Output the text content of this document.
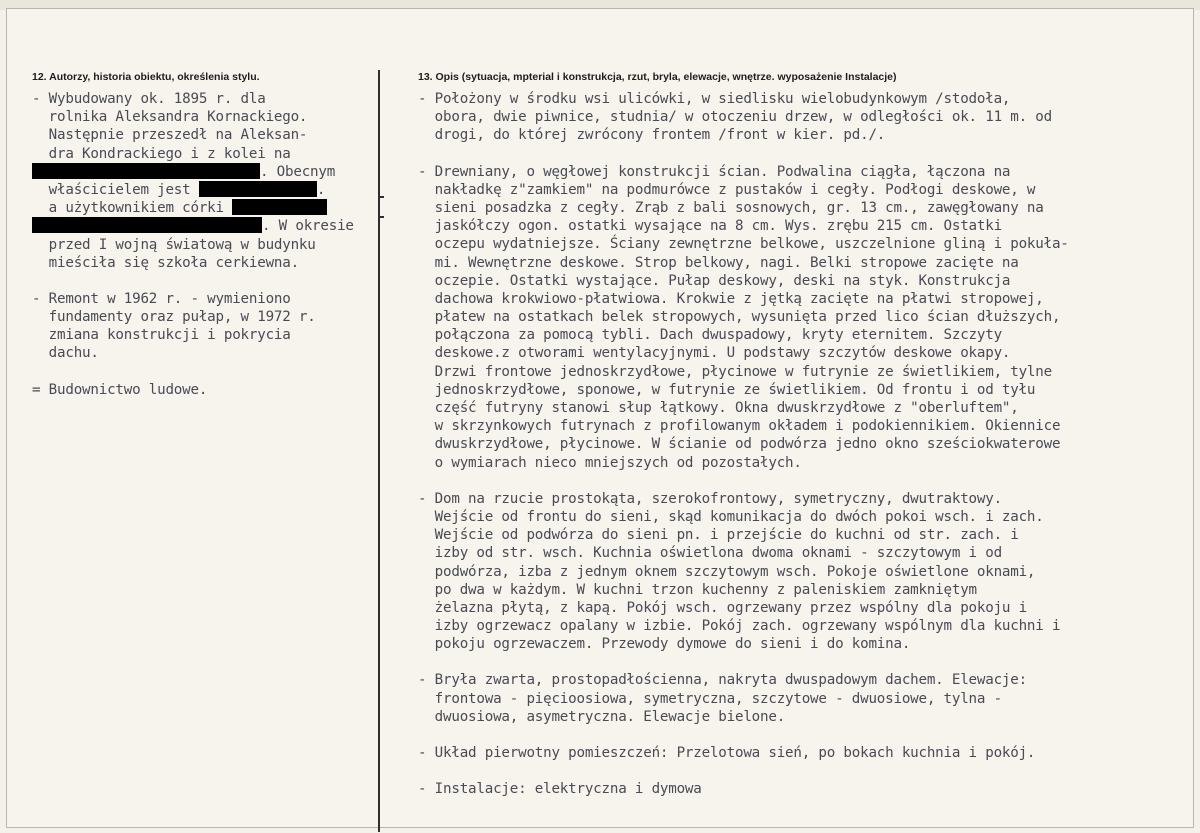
12. Autorzy, historia obiektu, określenia stylu.	13. Opis (sytuacja, mpterial i konstrukcja, rzut, bryla, elewacje, wnętrze. wyposażenie Instalacje)
- Wybudowany ok. 1895 r. dla
rolnika Aleksandra Kornackiego.
Następnie przeszedł na Aleksan-
dra Kondrackiego i z kolei na
. Obecnym
właścicielem jest	.
a użytkownikiem córki
. W okresie
przed I wojną światową w budynku
mieściła się szkoła cerkiewna.
- Remont w 1962 r. - wymieniono
fundamenty oraz pułap, w 1972 r.
zmiana konstrukcji i pokrycia
dachu.
= Budownictwo ludowe.
- Położony w środku wsi ulicówki, w siedlisku wielobudynkowym /stodoła,
obora, dwie piwnice, studnia/ w otoczeniu drzew, w odległości ok. 11 m. od
drogi, do której zwrócony frontem /front w kier. pd./.
- Drewniany, o węgłowej konstrukcji ścian. Podwalina ciągła, łączona na
nakładkę z"zamkiem" na podmurówce z pustaków i cegły. Podłogi deskowe, w
sieni posadzka z cegły. Zrąb z bali sosnowych, gr. 13 cm., zawęgłowany na
jaskółczy ogon. ostatki wysające na 8 cm. Wys. zrębu 215 cm. Ostatki
oczepu wydatniejsze. Ściany zewnętrzne belkowe, uszczelnione gliną i pokuła-
mi. Wewnętrzne deskowe. Strop belkowy, nagi. Belki stropowe zacięte na
oczepie. Ostatki wystające. Pułap deskowy, deski na styk. Konstrukcja
dachowa krokwiowo-płatwiowa. Krokwie z jętką zacięte na płatwi stropowej,
płatew na ostatkach belek stropowych, wysunięta przed lico ścian dłuższych,
połączona za pomocą tybli. Dach dwuspadowy, kryty eternitem. Szczyty
deskowe.z otworami wentylacyjnymi. U podstawy szczytów deskowe okapy.
Drzwi frontowe jednoskrzydłowe, płycinowe w futrynie ze świetlikiem, tylne
jednoskrzydłowe, sponowe, w futrynie ze świetlikiem. Od frontu i od tyłu
część futryny stanowi słup łątkowy. Okna dwuskrzydłowe z "oberluftem",
w skrzynkowych futrynach z profilowanym okładem i podokiennikiem. Okiennice
dwuskrzydłowe, płycinowe. W ścianie od podwórza jedno okno sześciokwaterowe
o wymiarach nieco mniejszych od pozostałych.
- Dom na rzucie prostokąta, szerokofrontowy, symetryczny, dwutraktowy.
Wejście od frontu do sieni, skąd komunikacja do dwóch pokoi wsch. i zach.
Wejście od podwórza do sieni pn. i przejście do kuchni od str. zach. i
izby od str. wsch. Kuchnia oświetlona dwoma oknami - szczytowym i od
podwórza, izba z jednym oknem szczytowym wsch. Pokoje oświetlone oknami,
po dwa w każdym. W kuchni trzon kuchenny z paleniskiem zamkniętym
żelazna płytą, z kapą. Pokój wsch. ogrzewany przez wspólny dla pokoju i
izby ogrzewacz opalany w izbie. Pokój zach. ogrzewany wspólnym dla kuchni i
pokoju ogrzewaczem. Przewody dymowe do sieni i do komina.
- Bryła zwarta, prostopadłościenna, nakryta dwuspadowym dachem. Elewacje:
frontowa - pięcioosiowa, symetryczna, szczytowe - dwuosiowe, tylna -
dwuosiowa, asymetryczna. Elewacje bielone.
- Układ pierwotny pomieszczeń: Przelotowa sień, po bokach kuchnia i pokój.
- Instalacje: elektryczna i dymowa
